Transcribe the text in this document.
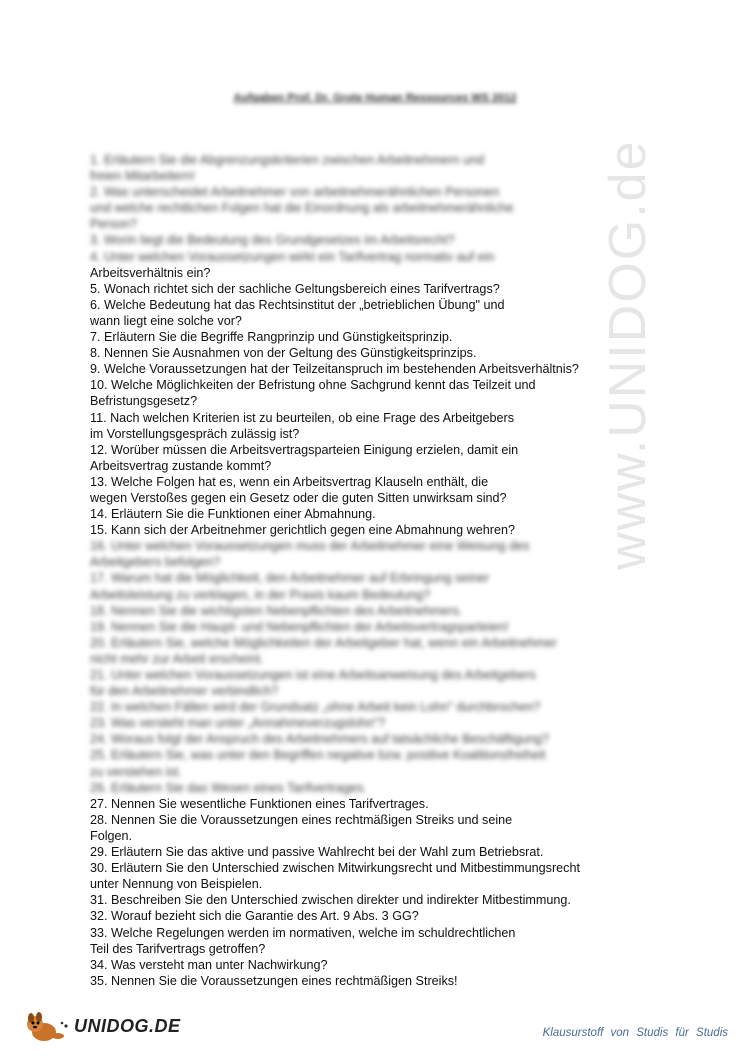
www.UNIDOG.de
Aufgaben Prof. Dr. Grote Human Ressources WS 2012
1. Erläutern Sie die Abgrenzungskriterien zwischen Arbeitnehmern und
freien Mitarbeitern!
2. Was unterscheidet Arbeitnehmer von arbeitnehmerähnlichen Personen
und welche rechtlichen Folgen hat die Einordnung als arbeitnehmerähnliche
Person?
3. Worin liegt die Bedeutung des Grundgesetzes im Arbeitsrecht?
4. Unter welchen Voraussetzungen wirkt ein Tarifvertrag normativ auf ein
Arbeitsverhältnis ein?
5. Wonach richtet sich der sachliche Geltungsbereich eines Tarifvertrags?
6. Welche Bedeutung hat das Rechtsinstitut der „betrieblichen Übung" und
wann liegt eine solche vor?
7. Erläutern Sie die Begriffe Rangprinzip und Günstigkeitsprinzip.
8. Nennen Sie Ausnahmen von der Geltung des Günstigkeitsprinzips.
9. Welche Voraussetzungen hat der Teilzeitanspruch im bestehenden Arbeitsverhältnis?
10. Welche Möglichkeiten der Befristung ohne Sachgrund kennt das Teilzeit und
Befristungsgesetz?
11. Nach welchen Kriterien ist zu beurteilen, ob eine Frage des Arbeitgebers
im Vorstellungsgespräch zulässig ist?
12. Worüber müssen die Arbeitsvertragsparteien Einigung erzielen, damit ein
Arbeitsvertrag zustande kommt?
13. Welche Folgen hat es, wenn ein Arbeitsvertrag Klauseln enthält, die
wegen Verstoßes gegen ein Gesetz oder die guten Sitten unwirksam sind?
14. Erläutern Sie die Funktionen einer Abmahnung.
15. Kann sich der Arbeitnehmer gerichtlich gegen eine Abmahnung wehren?
16. Unter welchen Voraussetzungen muss der Arbeitnehmer eine Weisung des
Arbeitgebers befolgen?
17. Warum hat die Möglichkeit, den Arbeitnehmer auf Erbringung seiner
Arbeitsleistung zu verklagen, in der Praxis kaum Bedeutung?
18. Nennen Sie die wichtigsten Nebenpflichten des Arbeitnehmers.
19. Nennen Sie die Haupt- und Nebenpflichten der Arbeitsvertragsparteien!
20. Erläutern Sie, welche Möglichkeiten der Arbeitgeber hat, wenn ein Arbeitnehmer
nicht mehr zur Arbeit erscheint.
21. Unter welchen Voraussetzungen ist eine Arbeitsanweisung des Arbeitgebers
für den Arbeitnehmer verbindlich?
22. In welchen Fällen wird der Grundsatz „ohne Arbeit kein Lohn" durchbrochen?
23. Was versteht man unter „Annahmeverzugslohn"?
24. Woraus folgt der Anspruch des Arbeitnehmers auf tatsächliche Beschäftigung?
25. Erläutern Sie, was unter den Begriffen negative bzw. positive Koalitionsfreiheit
zu verstehen ist.
26. Erläutern Sie das Wesen eines Tarifvertrages.
27. Nennen Sie wesentliche Funktionen eines Tarifvertrages.
28. Nennen Sie die Voraussetzungen eines rechtmäßigen Streiks und seine
Folgen.
29. Erläutern Sie das aktive und passive Wahlrecht bei der Wahl zum Betriebsrat.
30. Erläutern Sie den Unterschied zwischen Mitwirkungsrecht und Mitbestimmungsrecht
unter Nennung von Beispielen.
31. Beschreiben Sie den Unterschied zwischen direkter und indirekter Mitbestimmung.
32. Worauf bezieht sich die Garantie des Art. 9 Abs. 3 GG?
33. Welche Regelungen werden im normativen, welche im schuldrechtlichen
Teil des Tarifvertrags getroffen?
34. Was versteht man unter Nachwirkung?
35. Nennen Sie die Voraussetzungen eines rechtmäßigen Streiks!
UNIDOG.DE	Klausurstoff von Studis für Studis
